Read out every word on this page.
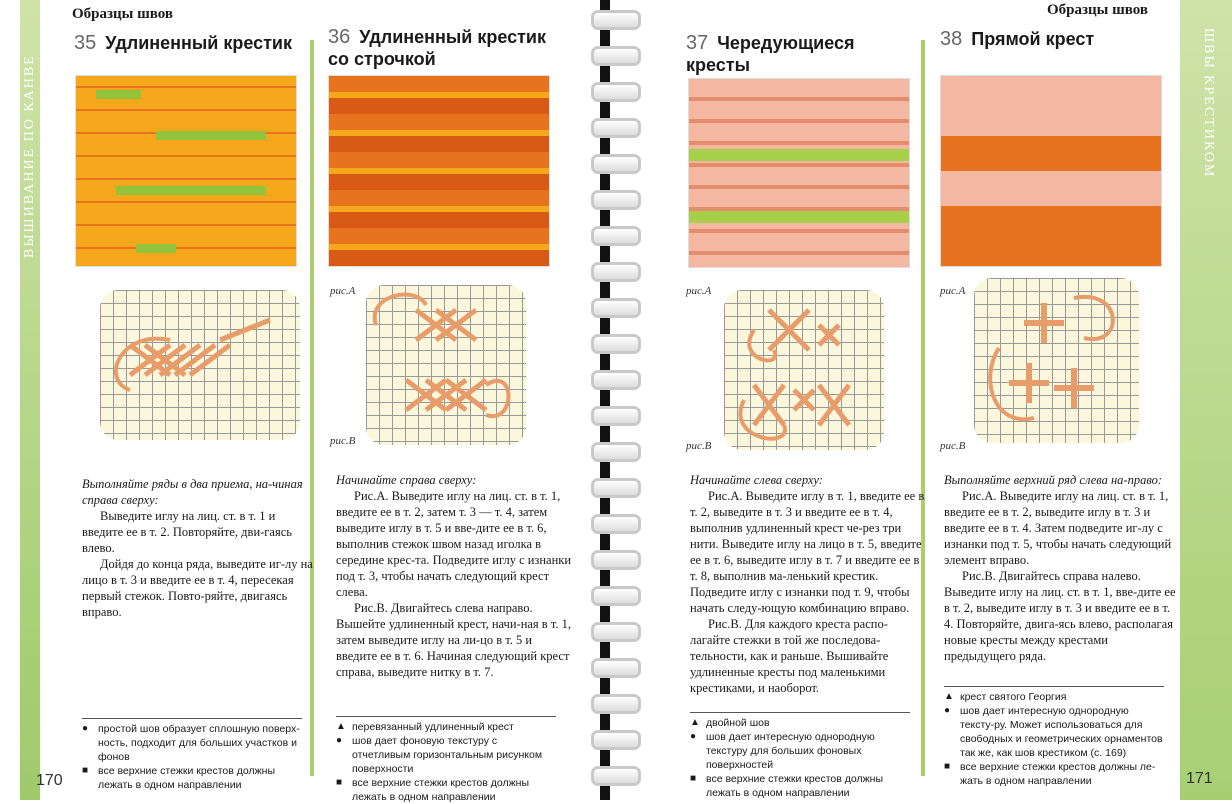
ВЫШИВАНИЕ ПО КАНВЕ	ШВЫ КРЕСТИКОМ
Образцы швов	Образцы швов
35 Удлиненный крестик

Выполняйте ряды в два приема, на-чиная справа сверху:

Выведите иглу на лиц. ст. в т. 1 и введите ее в т. 2. Повторяйте, дви-гаясь влево.

Дойдя до конца ряда, выведите иг-лу на лицо в т. 3 и введите ее в т. 4, пересекая первый стежок. Повто-ряйте, двигаясь вправо.

● простой шов образует сплошную поверх-ность, подходит для больших участков и фонов
■ все верхние стежки крестов должны лежать в одном направлении
36 Удлиненный крестик со строчкой
рис.А
рис.В

Начинайте справа сверху:

Рис.А. Выведите иглу на лиц. ст. в т. 1, введите ее в т. 2, затем т. 3 — т. 4, затем выведите иглу в т. 5 и вве-дите ее в т. 6, выполнив стежок швом назад иголка в середине крес-та. Подведите иглу с изнанки под т. 3, чтобы начать следующий крест слева.

Рис.В. Двигайтесь слева направо. Вышейте удлиненный крест, начи-ная в т. 1, затем выведите иглу на ли-цо в т. 5 и введите ее в т. 6. Начиная следующий крест справа, выведите нитку в т. 7.

▲ перевязанный удлиненный крест
● шов дает фоновую текстуру с отчетливым горизонтальным рисунком поверхности
■ все верхние стежки крестов должны лежать в одном направлении
37 Чередующиеся кресты
рис.А
рис.В

Начинайте слева сверху:

Рис.А. Выведите иглу в т. 1, введите ее в т. 2, выведите в т. 3 и введите ее в т. 4, выполнив удлиненный крест че-рез три нити. Выведите иглу на лицо в т. 5, введите ее в т. 6, выведите иглу в т. 7 и введите ее в т. 8, выполнив ма-ленький крестик. Подведите иглу с изнанки под т. 9, чтобы начать следу-ющую комбинацию вправо.

Рис.В. Для каждого креста распо-лагайте стежки в той же последова-тельности, как и раньше. Вышивайте удлиненные кресты под маленькими крестиками, и наоборот.

▲ двойной шов
● шов дает интересную однородную текстуру для больших фоновых поверхностей
■ все верхние стежки крестов должны лежать в одном направлении
38 Прямой крест
рис.А
рис.В

Выполняйте верхний ряд слева на-право:

Рис.А. Выведите иглу на лиц. ст. в т. 1, введите ее в т. 2, выведите иглу в т. 3 и введите ее в т. 4. Затем подведите иг-лу с изнанки под т. 5, чтобы начать следующий элемент вправо.

Рис.В. Двигайтесь справа налево. Выведите иглу на лиц. ст. в т. 1, вве-дите ее в т. 2, выведите иглу в т. 3 и введите ее в т. 4. Повторяйте, двига-ясь влево, располагая новые кресты между крестами предыдущего ряда.

▲ крест святого Георгия
● шов дает интересную однородную тексту-ру. Может использоваться для свободных и геометрических орнаментов так же, как шов крестиком (с. 169)
■ все верхние стежки крестов должны ле-жать в одном направлении
170	171
